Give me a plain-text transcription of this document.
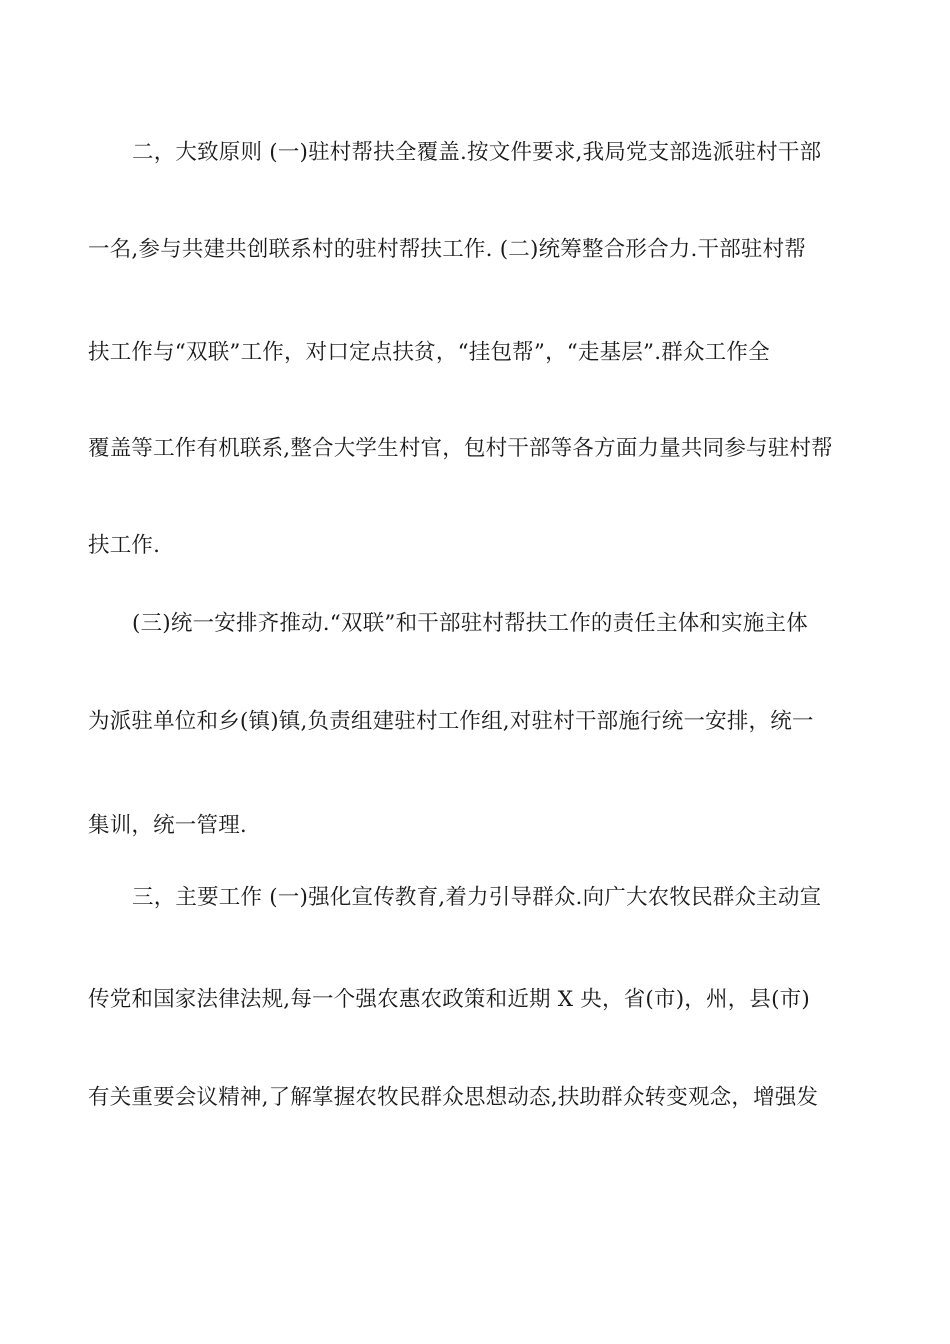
二，大致原则 (一)驻村帮扶全覆盖.按文件要求,我局党支部选派驻村干部
一名,参与共建共创联系村的驻村帮扶工作. (二)统筹整合形合力.干部驻村帮
扶工作与“双联”工作，对口定点扶贫，“挂包帮”，“走基层”.群众工作全
覆盖等工作有机联系,整合大学生村官，包村干部等各方面力量共同参与驻村帮
扶工作.
(三)统一安排齐推动.“双联”和干部驻村帮扶工作的责任主体和实施主体
为派驻单位和乡(镇)镇,负责组建驻村工作组,对驻村干部施行统一安排，统一
集训，统一管理.
三，主要工作 (一)强化宣传教育,着力引导群众.向广大农牧民群众主动宣
传党和国家法律法规,每一个强农惠农政策和近期 X 央，省(市)，州，县(市)
有关重要会议精神,了解掌握农牧民群众思想动态,扶助群众转变观念，增强发
